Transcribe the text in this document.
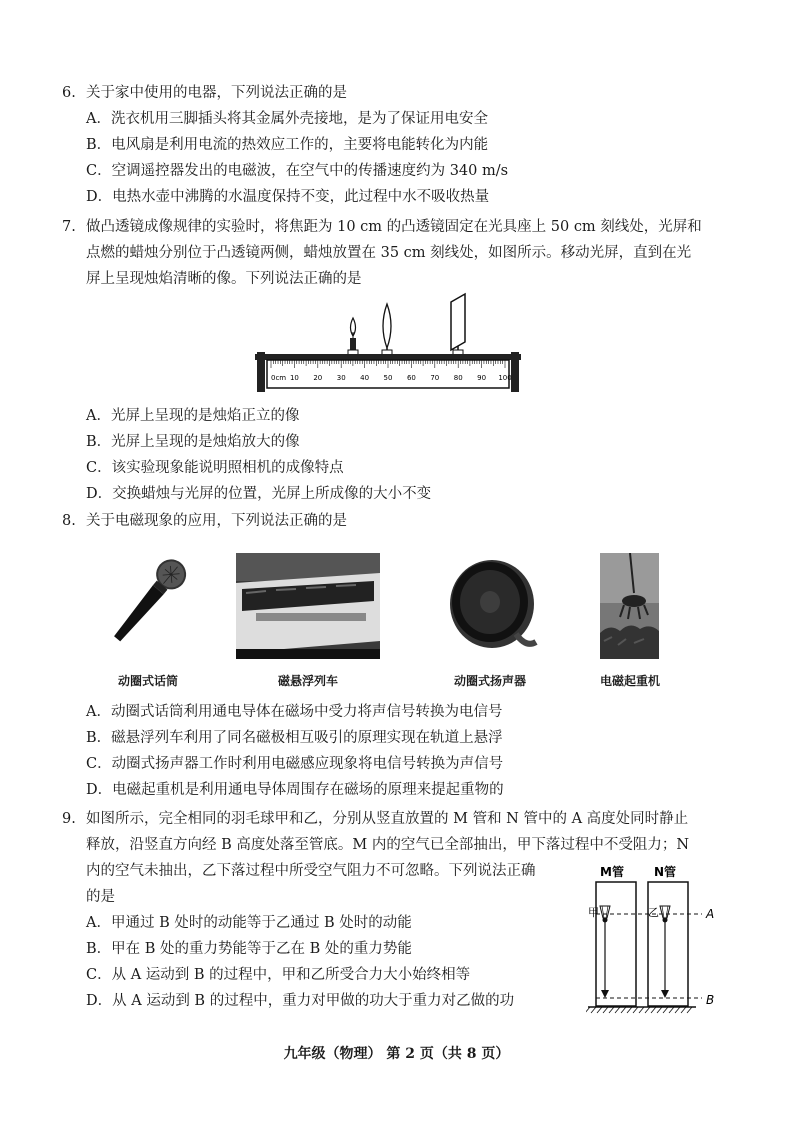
6. 关于家中使用的电器，下列说法正确的是
A．洗衣机用三脚插头将其金属外壳接地，是为了保证用电安全
B．电风扇是利用电流的热效应工作的，主要将电能转化为内能
C．空调遥控器发出的电磁波，在空气中的传播速度约为 340 m/s
D．电热水壶中沸腾的水温度保持不变，此过程中水不吸收热量
7. 做凸透镜成像规律的实验时，将焦距为 10 cm 的凸透镜固定在光具座上 50 cm 刻线处，光屏和
点燃的蜡烛分别位于凸透镜两侧，蜡烛放置在 35 cm 刻线处，如图所示。移动光屏，直到在光
屏上呈现烛焰清晰的像。下列说法正确的是
0cm 10 20 30 40 50 60 70 80 90 100
A．光屏上呈现的是烛焰正立的像
B．光屏上呈现的是烛焰放大的像
C．该实验现象能说明照相机的成像特点
D．交换蜡烛与光屏的位置，光屏上所成像的大小不变
8. 关于电磁现象的应用，下列说法正确的是
动圈式话筒	磁悬浮列车	动圈式扬声器	电磁起重机
A．动圈式话筒利用通电导体在磁场中受力将声信号转换为电信号
B．磁悬浮列车利用了同名磁极相互吸引的原理实现在轨道上悬浮
C．动圈式扬声器工作时利用电磁感应现象将电信号转换为声信号
D．电磁起重机是利用通电导体周围存在磁场的原理来提起重物的
9. 如图所示，完全相同的羽毛球甲和乙，分别从竖直放置的 M 管和 N 管中的 A 高度处同时静止
释放，沿竖直方向经 B 高度处落至管底。M 内的空气已全部抽出，甲下落过程中不受阻力；N
内的空气未抽出，乙下落过程中所受空气阻力不可忽略。下列说法正确
的是
A．甲通过 B 处时的动能等于乙通过 B 处时的动能
B．甲在 B 处的重力势能等于乙在 B 处的重力势能
C．从 A 运动到 B 的过程中，甲和乙所受合力大小始终相等
D．从 A 运动到 B 的过程中，重力对甲做的功大于重力对乙做的功
M管	N管
甲	乙	A
B
九年级（物理） 第 2 页（共 8 页）
